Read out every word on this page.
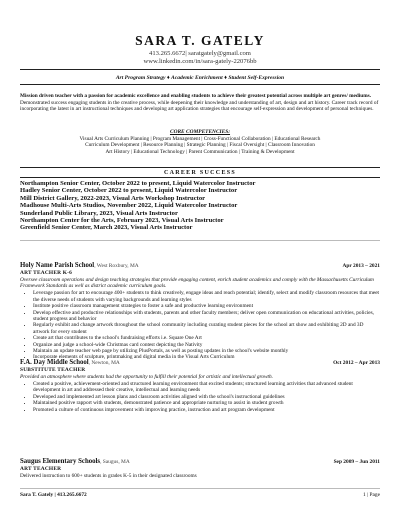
SARA T. GATELY
413.265.6672| saratgately@gmail.com
www.linkedin.com/in/sara-gately-22076bb
Art Program Strategy ♦ Academic Enrichment ♦ Student Self-Expression
Mission driven teacher with a passion for academic excellence and enabling students to achieve their greatest potential across multiple art genres/ mediums. Demonstrated success engaging students in the creative process, while deepening their knowledge and understanding of art, design and art history. Career track record of incorporating the latest in art instructional techniques and developing art application strategies that encourage self-expression and development of personal techniques.
CORE COMPETENCIES:
Visual Arts Curriculum Planning | Program Management | Cross-Functional Collaboration | Educational Research
Curriculum Development | Resource Planning | Strategic Planning | Fiscal Oversight | Classroom Innovation
Art History | Educational Technology | Parent Communication | Training & Development
CAREER SUCCESS
Northampton Senior Center, October 2022 to present, Liquid Watercolor Instructor
Hadley Senior Center, October 2022 to present, Liquid Watercolor Instructor
Mill District Gallery, 2022-2023, Visual Arts Workshop Instructor
Madhouse Multi-Arts Studios, November 2022, Liquid Watercolor Instructor
Sunderland Public Library, 2023, Visual Arts Instructor
Northampton Center for the Arts, February 2023, Visual Arts Instructor
Greenfield Senior Center, March 2023, Visual Arts Instructor
Holy Name Parish School, West Roxbury, MA	Apr 2013 – 2021
ART TEACHER K-6
Oversee classroom operations and design teaching strategies that provide engaging content, enrich student academics and comply with the Massachusetts Curriculum Framework Standards as well as district academic curriculum goals.
• Leverage passion for art to encourage 400+ students to think creatively, engage ideas and reach potential; identify, select and modify classroom resources that meet the diverse needs of students with varying backgrounds and learning styles
• Institute positive classroom management strategies to foster a safe and productive learning environment
• Develop effective and productive relationships with students, parents and other faculty members; deliver open communication on educational activities, policies, student progress and behavior
• Regularly exhibit and change artwork throughout the school community including curating student pieces for the school art show and exhibiting 2D and 3D artwork for every student
• Create art that contributes to the school's fundraising efforts i.e. Square One Art
• Organize and judge a school-wide Christmas card contest depicting the Nativity
• Maintain an update teacher web page by utilizing PlusPortals, as well as posting updates in the school's website monthly
• Incorporate elements of sculpture, printmaking and digital media in the Visual Arts Curriculum
F.A. Day Middle School, Newton, MA	Oct 2012 – Apr 2013
SUBSTITUTE TEACHER
Provided an atmosphere where students had the opportunity to fulfill their potential for artistic and intellectual growth.
• Created a positive, achievement-oriented and structured learning environment that excited students; structured learning activities that advanced student development in art and addressed their creative, intellectual and learning needs
• Developed and implemented art lesson plans and classroom activities aligned with the school's instructional guidelines
• Maintained positive rapport with students, demonstrated patience and appropriate nurturing to assist in student growth
• Promoted a culture of continuous improvement with improving practice, instruction and art program development
Saugus Elementary Schools, Saugus, MA	Sep 2009 – Jun 2011
ART TEACHER
Delivered instruction to 600+ students in grades K-5 in their designated classrooms
Sara T. Gately | 413.265.6672	1 | Page
